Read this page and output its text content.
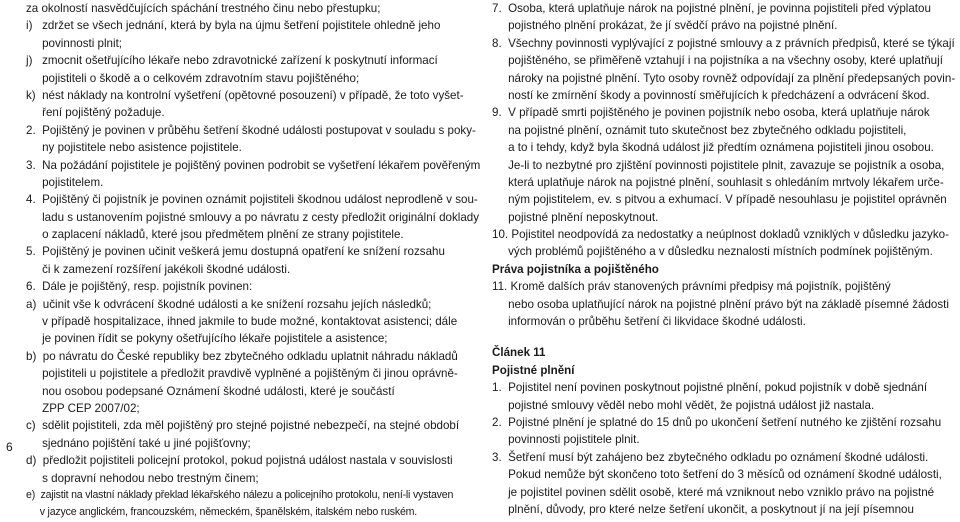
za okolností nasvědčujících spáchání trestného činu nebo přestupku;
i)   zdržet se všech jednání, která by byla na újmu šetření pojistitele ohledně jeho
povinnosti plnit;
j)   zmocnit ošetřujícího lékaře nebo zdravotnické zařízení k poskytnutí informací
pojistiteli o škodě a o celkovém zdravotním stavu pojištěného;
k)  nést náklady na kontrolní vyšetření (opětovné posouzení) v případě, že toto vyšet-
ření pojištěný požaduje.
2.  Pojištěný je povinen v průběhu šetření škodné události postupovat v souladu s poky-
ny pojistitele nebo asistence pojistitele.
3.  Na požádání pojistitele je pojištěný povinen podrobit se vyšetření lékařem pověřeným
pojistitelem.
4.  Pojištěný či pojistník je povinen oznámit pojistiteli škodnou událost neprodleně v sou-
ladu s ustanovením pojistné smlouvy a po návratu z cesty předložit originální doklady
o zaplacení nákladů, které jsou předmětem plnění ze strany pojistitele.
5.  Pojištěný je povinen učinit veškerá jemu dostupná opatření ke snížení rozsahu
či k zamezení rozšíření jakékoli škodné události.
6.  Dále je pojištěný, resp. pojistník povinen:
a)  učinit vše k odvrácení škodné události a ke snížení rozsahu jejích následků;
v případě hospitalizace, ihned jakmile to bude možné, kontaktovat asistenci; dále
je povinen řídit se pokyny ošetřujícího lékaře pojistitele a asistence;
b)  po návratu do České republiky bez zbytečného odkladu uplatnit náhradu nákladů
pojistiteli u pojistitele a předložit pravdivě vyplněné a pojištěným či jinou oprávně-
nou osobou podepsané Oznámení škodné události, které je součástí
ZPP CEP 2007/02;
c)  sdělit pojistiteli, zda měl pojištěný pro stejné pojistné nebezpečí, na stejné období
sjednáno pojištění také u jiné pojišťovny;
d)  předložit pojistiteli policejní protokol, pokud pojistná událost nastala v souvislosti
s dopravní nehodou nebo trestným činem;
e)  zajistit na vlastní náklady překlad lékařského nálezu a policejního protokolu, není-li vystaven
v jazyce anglickém, francouzském, německém, španělském, italském nebo ruském.
7.  Osoba, která uplatňuje nárok na pojistné plnění, je povinna pojistiteli před výplatou
pojistného plnění prokázat, že jí svědčí právo na pojistné plnění.
8.  Všechny povinnosti vyplývající z pojistné smlouvy a z právních předpisů, které se týkají
pojištěného, se přiměřeně vztahují i na pojistníka a na všechny osoby, které uplatňují
nároky na pojistné plnění. Tyto osoby rovněž odpovídají za plnění předepsaných povin-
ností ke zmírnění škody a povinností směřujících k předcházení a odvrácení škod.
9.  V případě smrti pojištěného je povinen pojistník nebo osoba, která uplatňuje nárok
na pojistné plnění, oznámit tuto skutečnost bez zbytečného odkladu pojistiteli,
a to i tehdy, když byla škodná událost již předtím oznámena pojistiteli jinou osobou.
Je-li to nezbytné pro zjištění povinnosti pojistitele plnit, zavazuje se pojistník a osoba,
která uplatňuje nárok na pojistné plnění, souhlasit s ohledáním mrtvoly lékařem urče-
ným pojistitelem, ev. s pitvou a exhumací. V případě nesouhlasu je pojistitel oprávněn
pojistné plnění neposkytnout.
10. Pojistitel neodpovídá za nedostatky a neúplnost dokladů vzniklých v důsledku jazyko-
vých problémů pojištěného a v důsledku neznalosti místních podmínek pojištěným.
Práva pojistníka a pojištěného
11. Kromě dalších práv stanovených právními předpisy má pojistník, pojištěný
nebo osoba uplatňující nárok na pojistné plnění právo být na základě písemné žádosti
informován o průběhu šetření či likvidace škodné události.
Článek 11
Pojistné plnění
1.  Pojistitel není povinen poskytnout pojistné plnění, pokud pojistník v době sjednání
pojistné smlouvy věděl nebo mohl vědět, že pojistná událost již nastala.
2.  Pojistné plnění je splatné do 15 dnů po ukončení šetření nutného ke zjištění rozsahu
povinnosti pojistitele plnit.
3.  Šetření musí být zahájeno bez zbytečného odkladu po oznámení škodné události.
Pokud nemůže být skončeno toto šetření do 3 měsíců od oznámení škodné události,
je pojistitel povinen sdělit osobě, které má vzniknout nebo vzniklo právo na pojistné
plnění, důvody, pro které nelze šetření ukončit, a poskytnout jí na její písemnou
6
